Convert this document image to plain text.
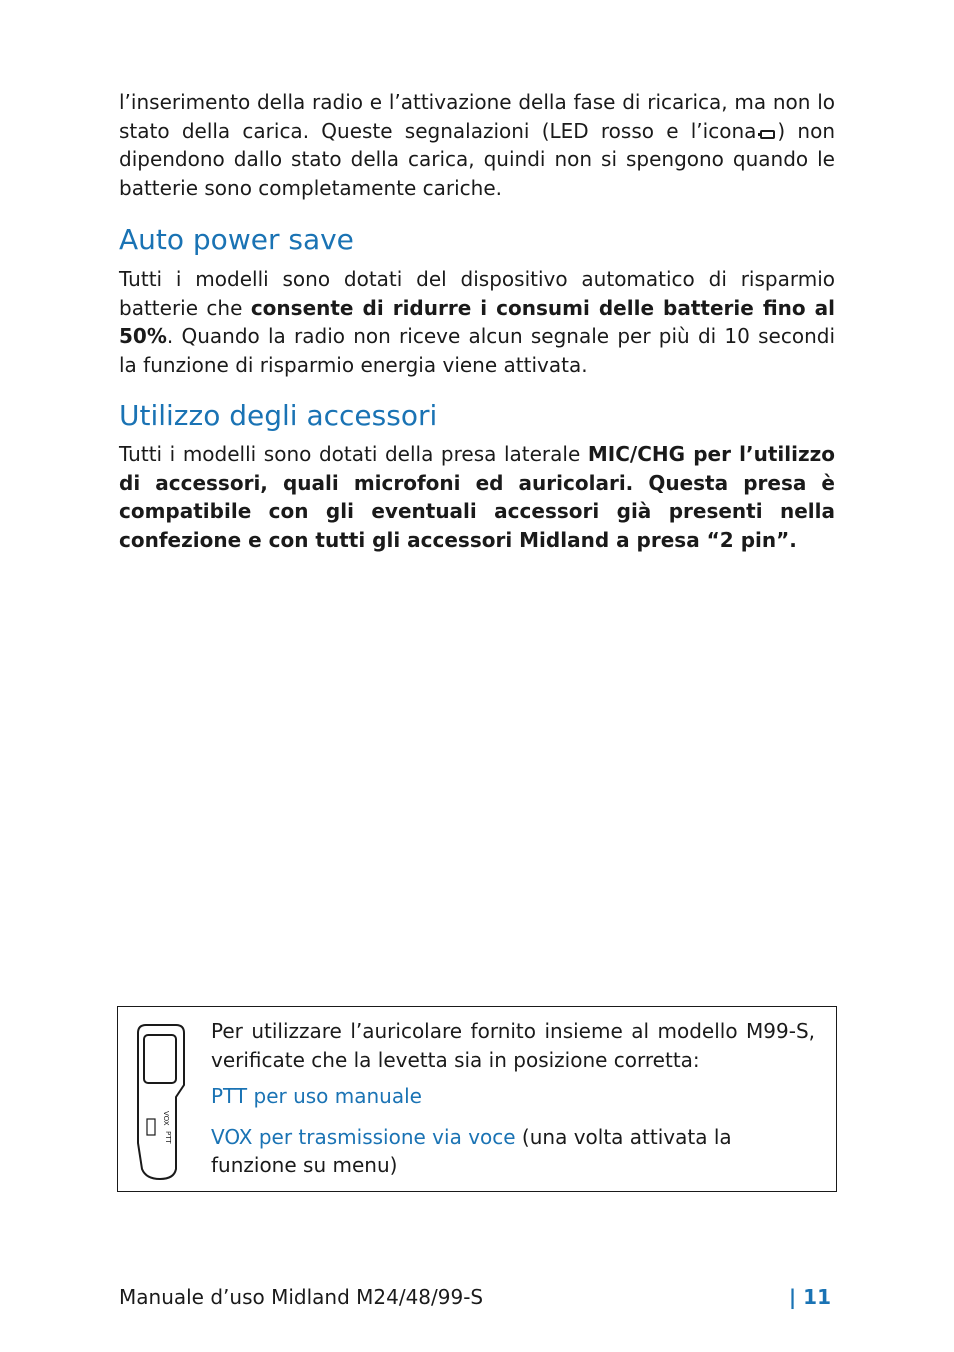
l’inserimento della radio e l’attivazione della fase di ricarica, ma non lo stato della carica. Queste segnalazioni (LED rosso e l’icona ) non dipendono dallo stato della carica, quindi non si spengono quando le batterie sono completamente cariche.

Auto power save

Tutti i modelli sono dotati del dispositivo automatico di risparmio batterie che consente di ridurre i consumi delle batterie fino al 50%. Quando la radio non riceve alcun segnale per più di 10 secondi la funzione di risparmio energia viene attivata.

Utilizzo degli accessori

Tutti i modelli sono dotati della presa laterale MIC/CHG per l’utilizzo di accessori, quali microfoni ed auricolari. Questa presa è compatibile con gli eventuali accessori già presenti nella confezione e con tutti gli accessori Midland a presa “2 pin”.

VOX
PTT

Per utilizzare l’auricolare fornito insieme al modello M99-S, verificate che la levetta sia in posizione corretta:

PTT per uso manuale

VOX per trasmissione via voce (una volta attivata la funzione su menu)

Manuale d’uso Midland M24/48/99-S	| 11
